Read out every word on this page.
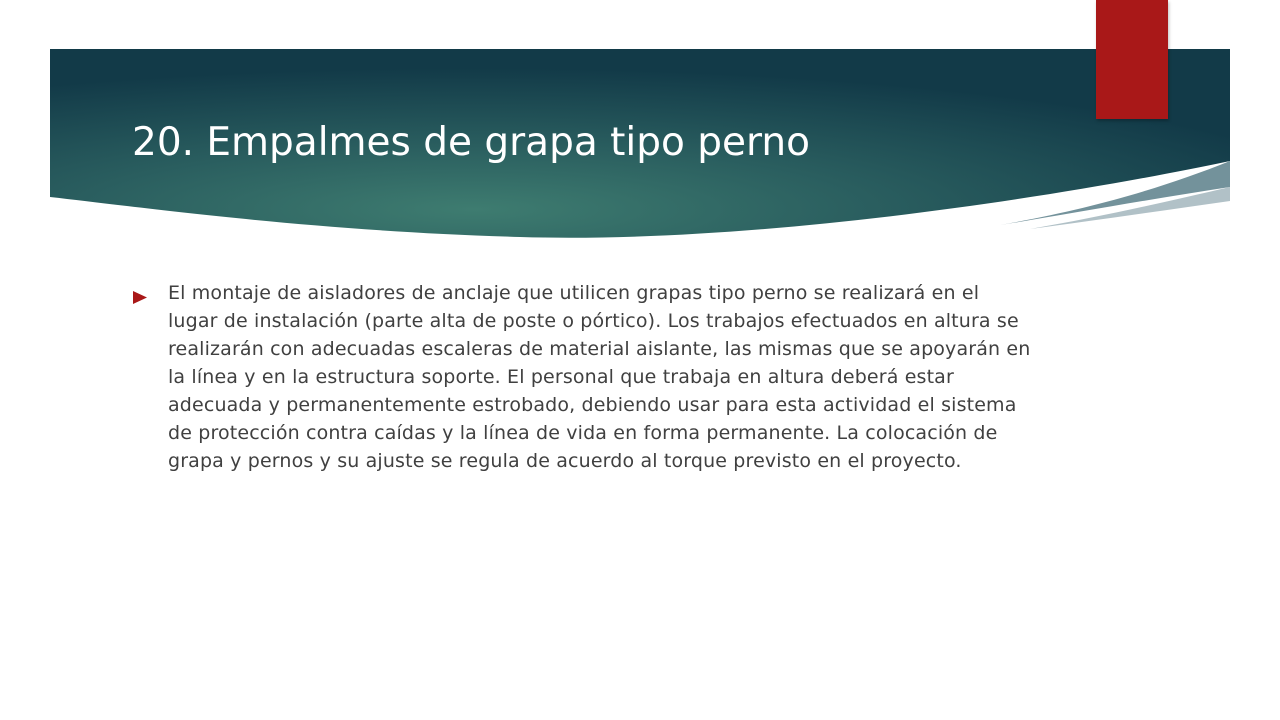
20. Empalmes de grapa tipo perno

El montaje de aisladores de anclaje que utilicen grapas tipo perno se realizará en el lugar de instalación (parte alta de poste o pórtico). Los trabajos efectuados en altura se realizarán con adecuadas escaleras de material aislante, las mismas que se apoyarán en la línea y en la estructura soporte. El personal que trabaja en altura deberá estar adecuada y permanentemente estrobado, debiendo usar para esta actividad el sistema de protección contra caídas y la línea de vida en forma permanente. La colocación de grapa y pernos y su ajuste se regula de acuerdo al torque previsto en el proyecto.
